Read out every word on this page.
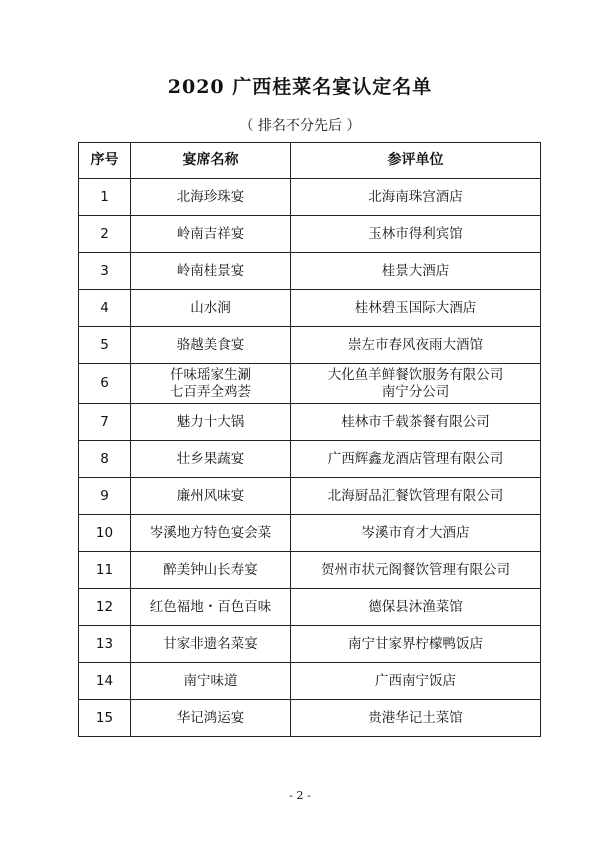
2020 广西桂菜名宴认定名单
（ 排名不分先后 ）
序号	宴席名称	参评单位
1	北海珍珠宴	北海南珠宫酒店

2	岭南吉祥宴	玉林市得利宾馆

3	岭南桂景宴	桂景大酒店

4	山水涧	桂林碧玉国际大酒店

5	骆越美食宴	崇左市春风夜雨大酒馆

6	仟味瑶家生涮
七百弄全鸡荟	大化鱼羊鲜餐饮服务有限公司
南宁分公司

7	魅力十大锅	桂林市千载茶餐有限公司

8	壮乡果蔬宴	广西辉鑫龙酒店管理有限公司

9	廉州风味宴	北海厨品汇餐饮管理有限公司

10	岑溪地方特色宴会菜	岑溪市育才大酒店

11	醉美钟山长寿宴	贺州市状元阁餐饮管理有限公司

12	红色福地・百色百味	德保县沐渔菜馆

13	甘家非遗名菜宴	南宁甘家界柠檬鸭饭店

14	南宁味道	广西南宁饭店

15	华记鸿运宴	贵港华记土菜馆
- 2 -
